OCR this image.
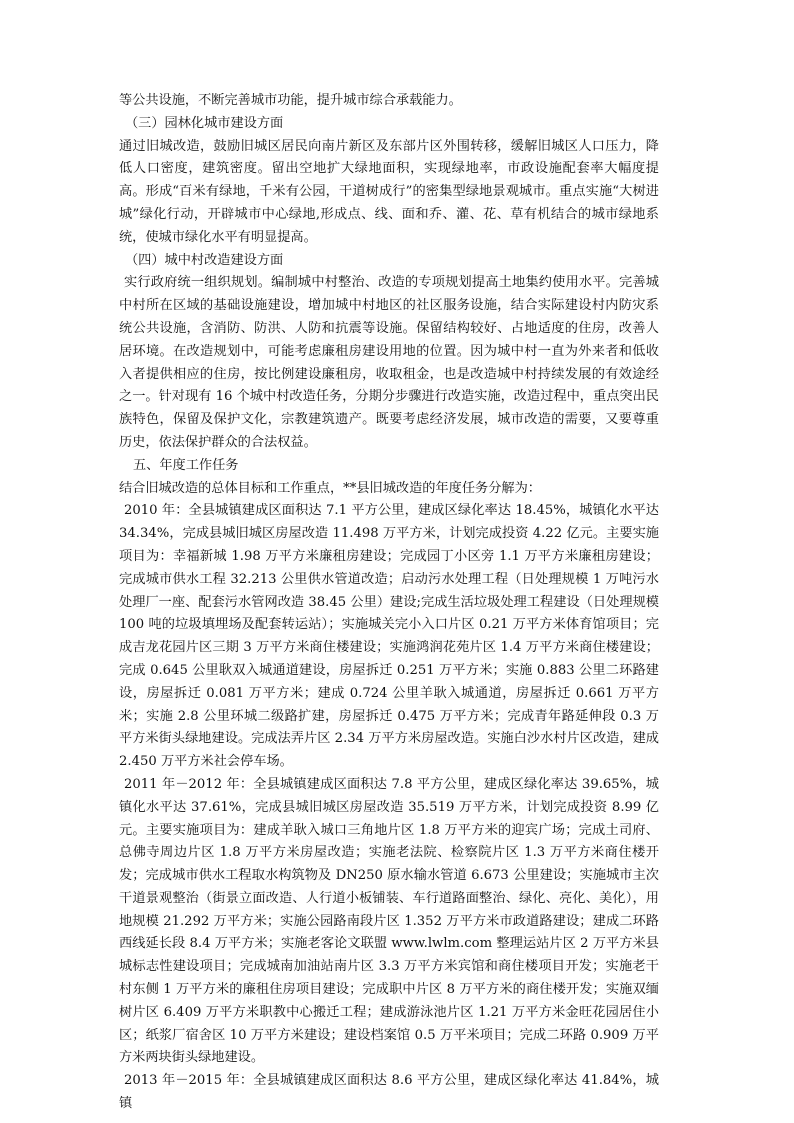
等公共设施，不断完善城市功能，提升城市综合承载能力。

（三）园林化城市建设方面

通过旧城改造，鼓励旧城区居民向南片新区及东部片区外围转移，缓解旧城区人口压力，降低人口密度，建筑密度。留出空地扩大绿地面积，实现绿地率，市政设施配套率大幅度提高。形成“百米有绿地，千米有公园，干道树成行”的密集型绿地景观城市。重点实施“大树进城”绿化行动，开辟城市中心绿地,形成点、线、面和乔、灌、花、草有机结合的城市绿地系统，使城市绿化水平有明显提高。

（四）城中村改造建设方面

实行政府统一组织规划。编制城中村整治、改造的专项规划提高土地集约使用水平。完善城中村所在区域的基础设施建设，增加城中村地区的社区服务设施，结合实际建设村内防灾系统公共设施，含消防、防洪、人防和抗震等设施。保留结构较好、占地适度的住房，改善人居环境。在改造规划中，可能考虑廉租房建设用地的位置。因为城中村一直为外来者和低收入者提供相应的住房，按比例建设廉租房，收取租金，也是改造城中村持续发展的有效途经之一。针对现有 16 个城中村改造任务，分期分步骤进行改造实施，改造过程中，重点突出民族特色，保留及保护文化，宗教建筑遗产。既要考虑经济发展，城市改造的需要，又要尊重历史，依法保护群众的合法权益。

五、年度工作任务

结合旧城改造的总体目标和工作重点，**县旧城改造的年度任务分解为：

2010 年：全县城镇建成区面积达 7.1 平方公里，建成区绿化率达 18.45%，城镇化水平达 34.34%，完成县城旧城区房屋改造 11.498 万平方米，计划完成投资 4.22 亿元。主要实施项目为：幸福新城 1.98 万平方米廉租房建设；完成园丁小区旁 1.1 万平方米廉租房建设；完成城市供水工程 32.213 公里供水管道改造；启动污水处理工程（日处理规模 1 万吨污水处理厂一座、配套污水管网改造 38.45 公里）建设;完成生活垃圾处理工程建设（日处理规模 100 吨的垃圾填埋场及配套转运站）；实施城关完小入口片区 0.21 万平方米体育馆项目；完成吉龙花园片区三期 3 万平方米商住楼建设；实施鸿润花苑片区 1.4 万平方米商住楼建设；完成 0.645 公里耿双入城通道建设，房屋拆迁 0.251 万平方米；实施 0.883 公里二环路建设，房屋拆迁 0.081 万平方米；建成 0.724 公里羊耿入城通道，房屋拆迁 0.661 万平方米；实施 2.8 公里环城二级路扩建，房屋拆迁 0.475 万平方米；完成青年路延伸段 0.3 万平方米街头绿地建设。完成法弄片区 2.34 万平方米房屋改造。实施白沙水村片区改造，建成 2.450 万平方米社会停车场。

2011 年－2012 年：全县城镇建成区面积达 7.8 平方公里，建成区绿化率达 39.65%，城镇化水平达 37.61%，完成县城旧城区房屋改造 35.519 万平方米，计划完成投资 8.99 亿元。主要实施项目为：建成羊耿入城口三角地片区 1.8 万平方米的迎宾广场；完成土司府、总佛寺周边片区 1.8 万平方米房屋改造；实施老法院、检察院片区 1.3 万平方米商住楼开发；完成城市供水工程取水构筑物及 DN250 原水输水管道 6.673 公里建设；实施城市主次干道景观整治（街景立面改造、人行道小板铺装、车行道路面整治、绿化、亮化、美化），用地规模 21.292 万平方米；实施公园路南段片区 1.352 万平方米市政道路建设；建成二环路西线延长段 8.4 万平方米；实施老客论文联盟 www.lwlm.com 整理运站片区 2 万平方米县城标志性建设项目；完成城南加油站南片区 3.3 万平方米宾馆和商住楼项目开发；实施老干村东侧 1 万平方米的廉租住房项目建设；完成职中片区 8 万平方米的商住楼开发；实施双缅树片区 6.409 万平方米职教中心搬迁工程；建成游泳池片区 1.21 万平方米金旺花园居住小区；纸浆厂宿舍区 10 万平方米建设；建设档案馆 0.5 万平米项目；完成二环路 0.909 万平方米两块街头绿地建设。

2013 年－2015 年：全县城镇建成区面积达 8.6 平方公里，建成区绿化率达 41.84%，城镇
